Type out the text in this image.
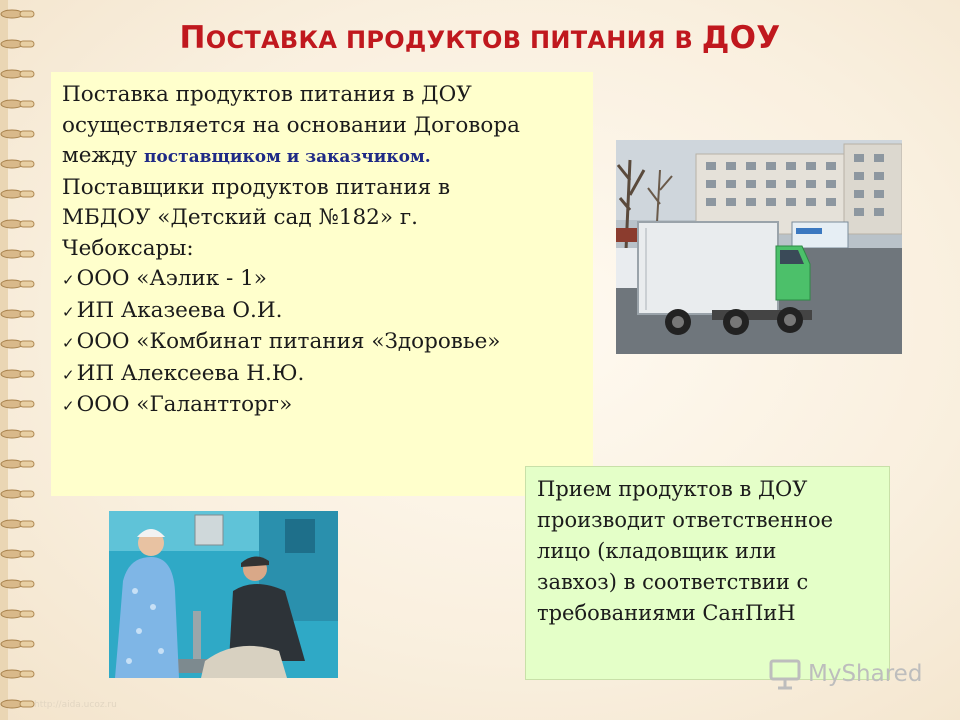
ПОСТАВКА ПРОДУКТОВ ПИТАНИЯ В ДОУ
Поставка продуктов питания в ДОУ
осуществляется на основании Договора
между поставщиком и заказчиком.
Поставщики продуктов питания в
МБДОУ «Детский сад №182» г.
Чебоксары:
✓ООО «Аэлик - 1»
✓ИП Аказеева О.И.
✓ООО «Комбинат питания «Здоровье»
✓ИП Алексеева Н.Ю.
✓ООО «Галантторг»
Прием продуктов в ДОУ
производит ответственное
лицо (кладовщик или
завхоз) в соответствии с
требованиями СанПиН
MyShared
http://aida.ucoz.ru
